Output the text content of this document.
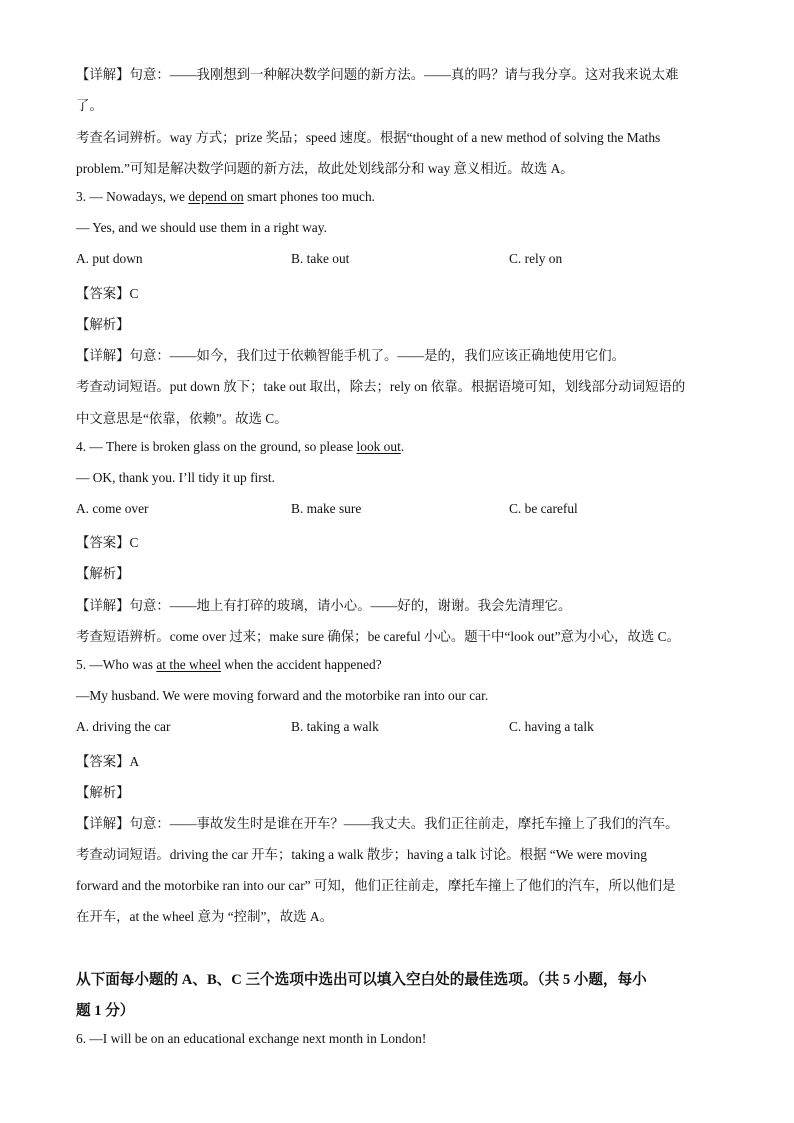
【详解】句意：——我刚想到一种解决数学问题的新方法。——真的吗？请与我分享。这对我来说太难
了。
考查名词辨析。way 方式；prize 奖品；speed 速度。根据“thought of a new method of solving the Maths
problem.”可知是解决数学问题的新方法，故此处划线部分和 way 意义相近。故选 A。
3. — Nowadays, we depend on smart phones too much.
— Yes, and we should use them in a right way.
A. put down	B. take out	C. rely on
【答案】C
【解析】
【详解】句意：——如今，我们过于依赖智能手机了。——是的，我们应该正确地使用它们。
考查动词短语。put down 放下；take out 取出，除去；rely on 依靠。根据语境可知，划线部分动词短语的
中文意思是“依靠，依赖”。故选 C。
4. — There is broken glass on the ground, so please look out.
— OK, thank you. I’ll tidy it up first.
A. come over	B. make sure	C. be careful
【答案】C
【解析】
【详解】句意：——地上有打碎的玻璃，请小心。——好的，谢谢。我会先清理它。
考查短语辨析。come over 过来；make sure 确保；be careful 小心。题干中“look out”意为小心，故选 C。
5. —Who was at the wheel when the accident happened?
—My husband. We were moving forward and the motorbike ran into our car.
A. driving the car	B. taking a walk	C. having a talk
【答案】A
【解析】
【详解】句意：——事故发生时是谁在开车？——我丈夫。我们正往前走，摩托车撞上了我们的汽车。
考查动词短语。driving the car 开车；taking a walk 散步；having a talk 讨论。根据 “We were moving
forward and the motorbike ran into our car” 可知，他们正往前走，摩托车撞上了他们的汽车，所以他们是
在开车，at the wheel 意为 “控制”，故选 A。
从下面每小题的 A、B、C 三个选项中选出可以填入空白处的最佳选项。（共 5 小题，每小
题 1 分）
6. —I will be on an educational exchange next month in London!
